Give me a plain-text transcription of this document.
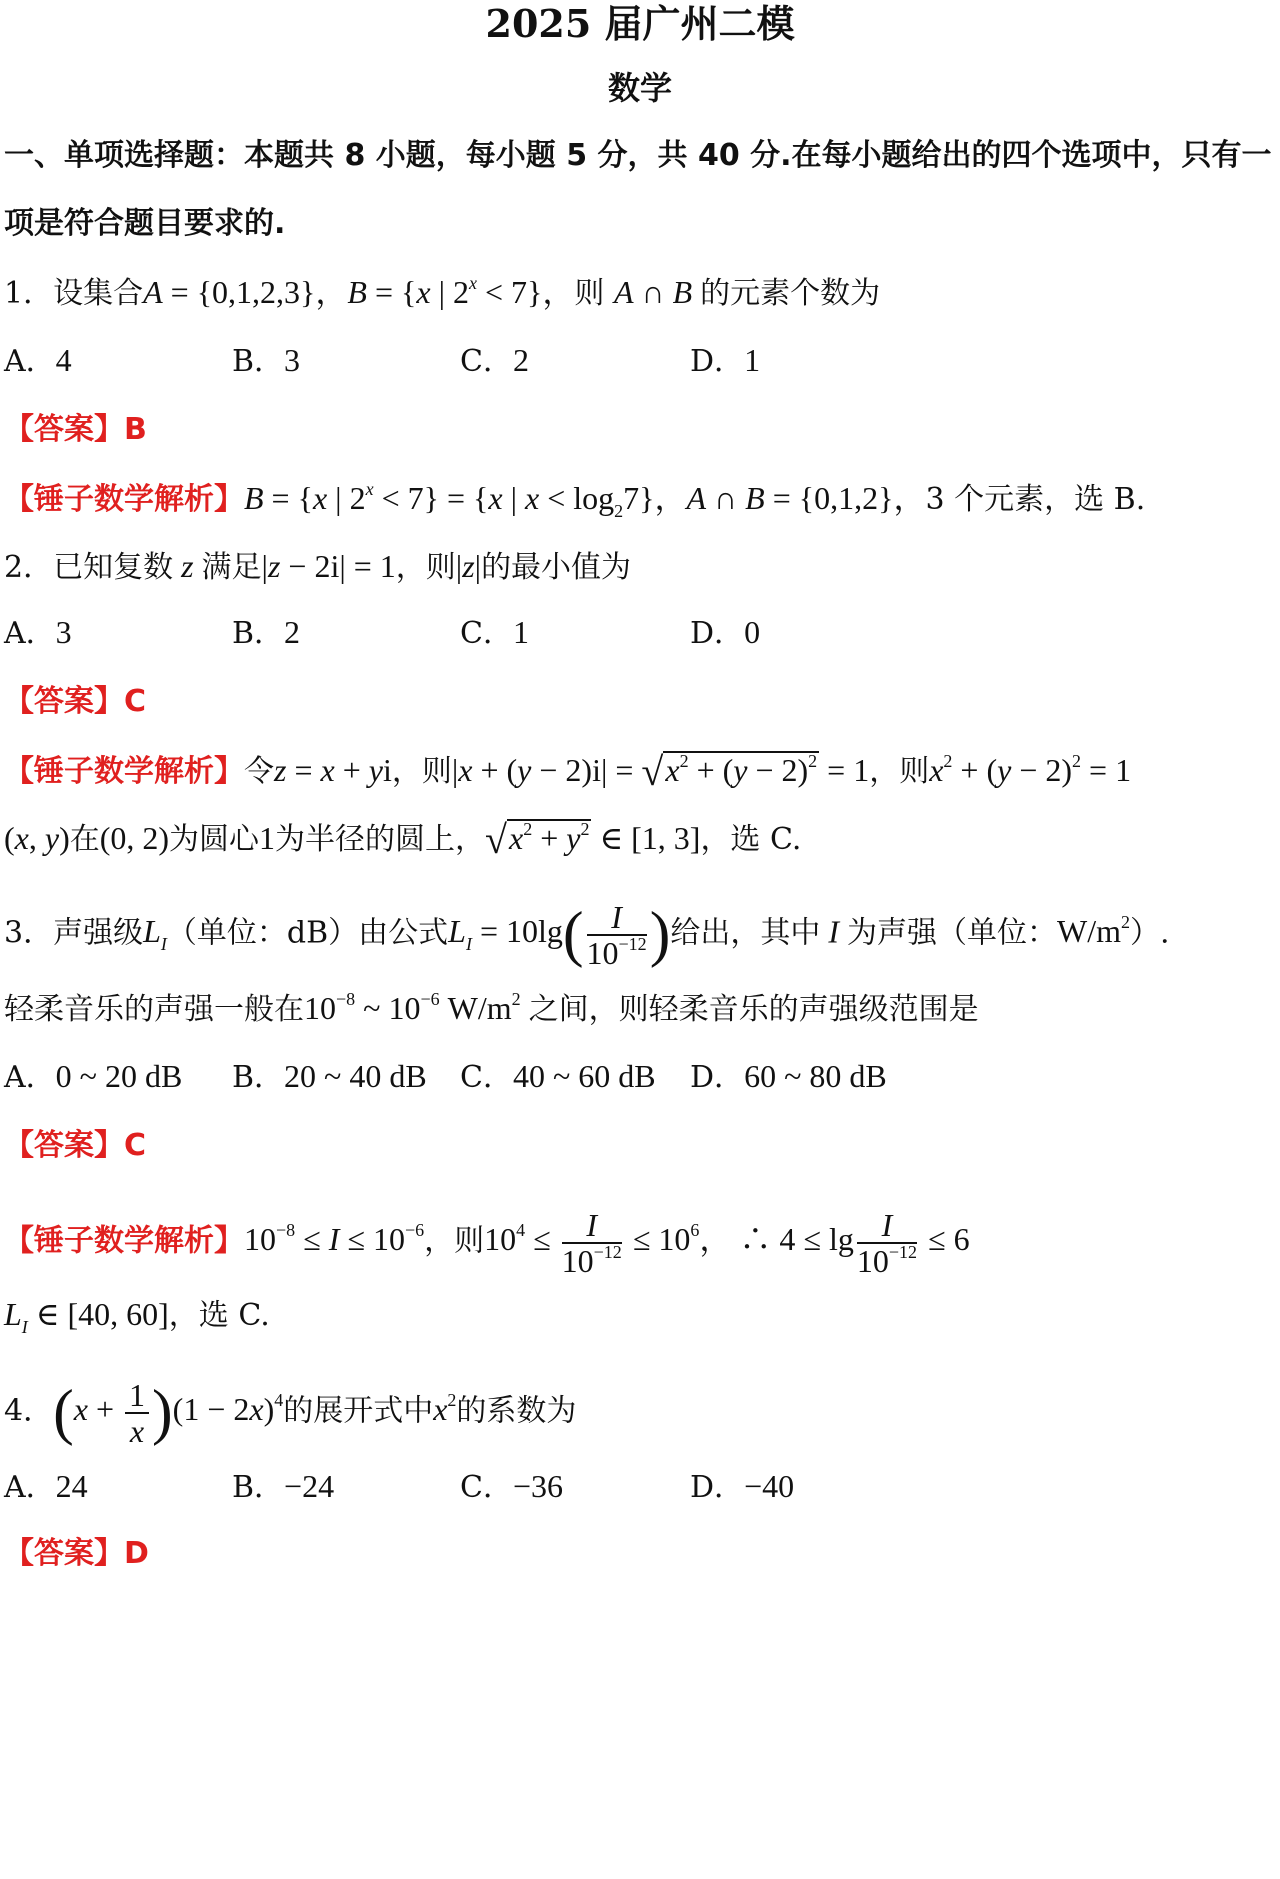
2025 届广州二模
数学
一、单项选择题：本题共 8 小题，每小题 5 分，共 40 分.在每小题给出的四个选项中，只有一
项是符合题目要求的.
1．设集合A = {0,1,2,3}，B = {x | $2^x < 7$}，则 A ∩ B 的元素个数为
A．4	B．3	C．2	D．1
【答案】B
【锤子数学解析】B = {x | $2^x < 7\} = \{x$ | $x < \log_27$}，A ∩ B = {0,1,2}，3 个元素，选 B.
2．已知复数 z 满足|z − 2i| = 1，则|z|的最小值为
A．3	B．2	C．1	D．0
【答案】C
【锤子数学解析】令z = x + yi，则$|x + (y - 2)i| = √x^2 + (y - 2)^2 = 1$，则$x^2 + (y - 2)^2 = 1$
(x, y)在(0, 2)为圆心1为半径的圆上，$√x^2 + y^2$ ∈ [1, 3]，选 C.
3．声强级$L_I$（单位：dB）由公式$L_I = 10\lg( \frac{I}{10^{-12}}$ )给出，其中 I 为声强（单位：$W/m^2$）.
轻柔音乐的声强一般在$10^{-8}$ ~ $10^{-6}$ $W/m^2$ 之间，则轻柔音乐的声强级范围是
A．0 ~ 20 dB B．20 ~ 40 dB C．40 ~ 60 dB D．60 ~ 80 dB
【答案】C
【锤子数学解析】$10^{-8} \le I \le 10^{-6}$，则$10^4 \le \frac{I}{10^{-12}} \le 10^6$， ∴ $4 \le \lg \frac{I}{10^{-12}} \le 6$
$L_I$ ∈ [40, 60]，选 C.
4．$(x + \frac{1}{x} )(1 - 2x)^4$的展开式中$x^2$的系数为
A．24	B．−24	C．−36	D．−40
【答案】D
